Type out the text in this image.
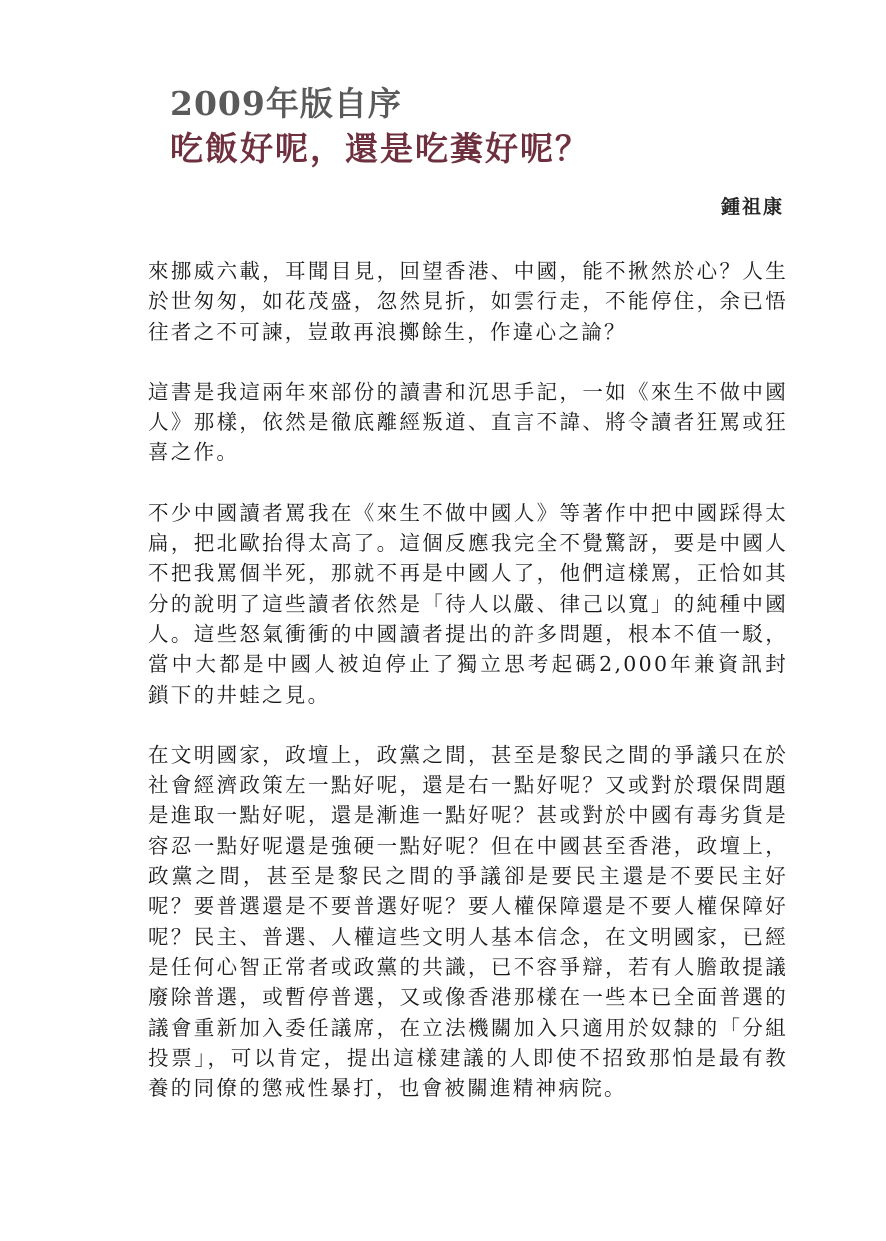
2009年版自序
吃飯好呢，還是吃糞好呢？
鍾祖康

來挪威六載，耳聞目見，回望香港、中國，能不揪然於心？人生於世匆匆，如花茂盛，忽然見折，如雲行走，不能停住，余已悟往者之不可諫，豈敢再浪擲餘生，作違心之論？

這書是我這兩年來部份的讀書和沉思手記，一如《來生不做中國人》那樣，依然是徹底離經叛道、直言不諱、將令讀者狂罵或狂喜之作。

不少中國讀者罵我在《來生不做中國人》等著作中把中國踩得太扁，把北歐抬得太高了。這個反應我完全不覺驚訝，要是中國人不把我罵個半死，那就不再是中國人了，他們這樣罵，正恰如其分的說明了這些讀者依然是「待人以嚴、律己以寬」的純種中國人。這些怒氣衝衝的中國讀者提出的許多問題，根本不值一駁，當中大都是中國人被迫停止了獨立思考起碼2,000年兼資訊封鎖下的井蛙之見。

在文明國家，政壇上，政黨之間，甚至是黎民之間的爭議只在於社會經濟政策左一點好呢，還是右一點好呢？又或對於環保問題是進取一點好呢，還是漸進一點好呢？甚或對於中國有毒劣貨是容忍一點好呢還是強硬一點好呢？但在中國甚至香港，政壇上，政黨之間，甚至是黎民之間的爭議卻是要民主還是不要民主好呢？要普選還是不要普選好呢？要人權保障還是不要人權保障好呢？民主、普選、人權這些文明人基本信念，在文明國家，已經是任何心智正常者或政黨的共識，已不容爭辯，若有人膽敢提議廢除普選，或暫停普選，又或像香港那樣在一些本已全面普選的議會重新加入委任議席，在立法機關加入只適用於奴隸的「分組投票」，可以肯定，提出這樣建議的人即使不招致那怕是最有教養的同僚的懲戒性暴打，也會被關進精神病院。
